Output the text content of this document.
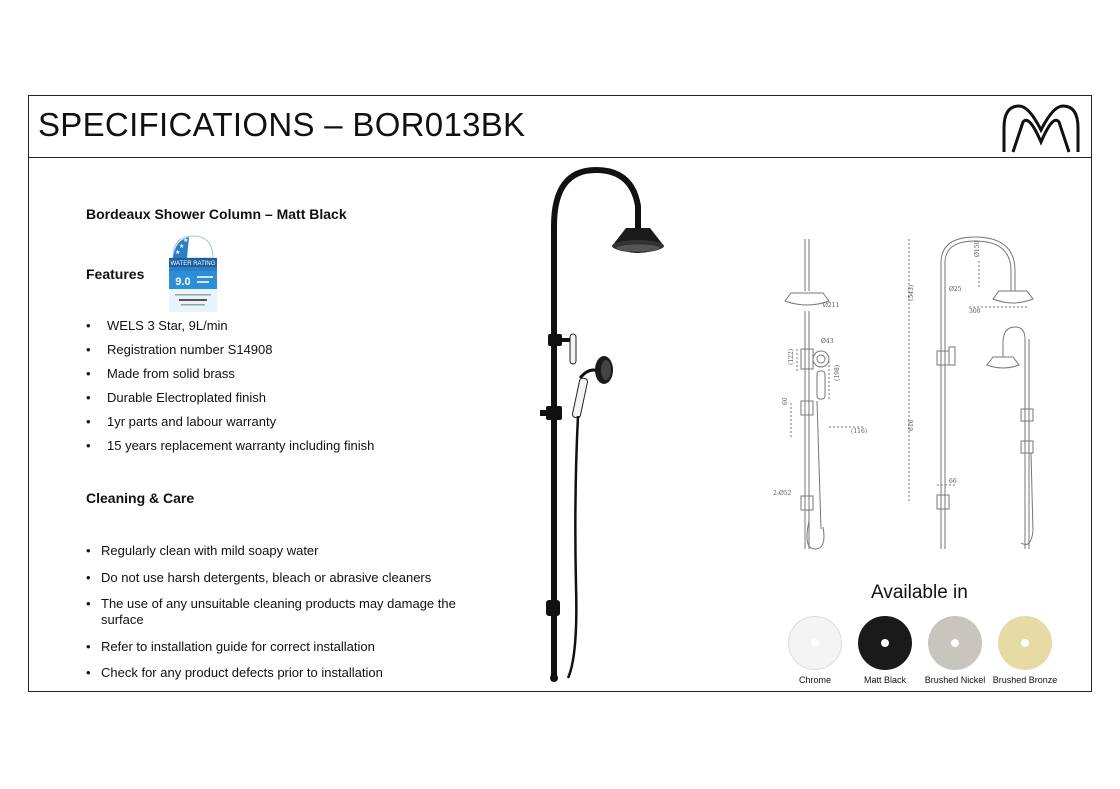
SPECIFICATIONS – BOR013BK
Bordeaux Shower Column – Matt Black
Features
★
★
★
WATER RATING
9.0
• WELS 3 Star, 9L/min
• Registration number S14908
• Made from solid brass
• Durable Electroplated finish
• 1yr parts and labour warranty
• 15 years replacement warranty including finish
Cleaning & Care
• Regularly clean with mild soapy water
• Do not use harsh detergents, bleach or abrasive cleaners
• The use of any unsuitable cleaning products may damage the surface
• Refer to installation guide for correct installation
• Check for any product defects prior to installation
Ø211
Ø43
(122)
(198)
60
(116)
2-Ø52
(543)
Ø150
Ø25
300
616
66
Available in
Chrome	Matt Black	Brushed Nickel Brushed Bronze
